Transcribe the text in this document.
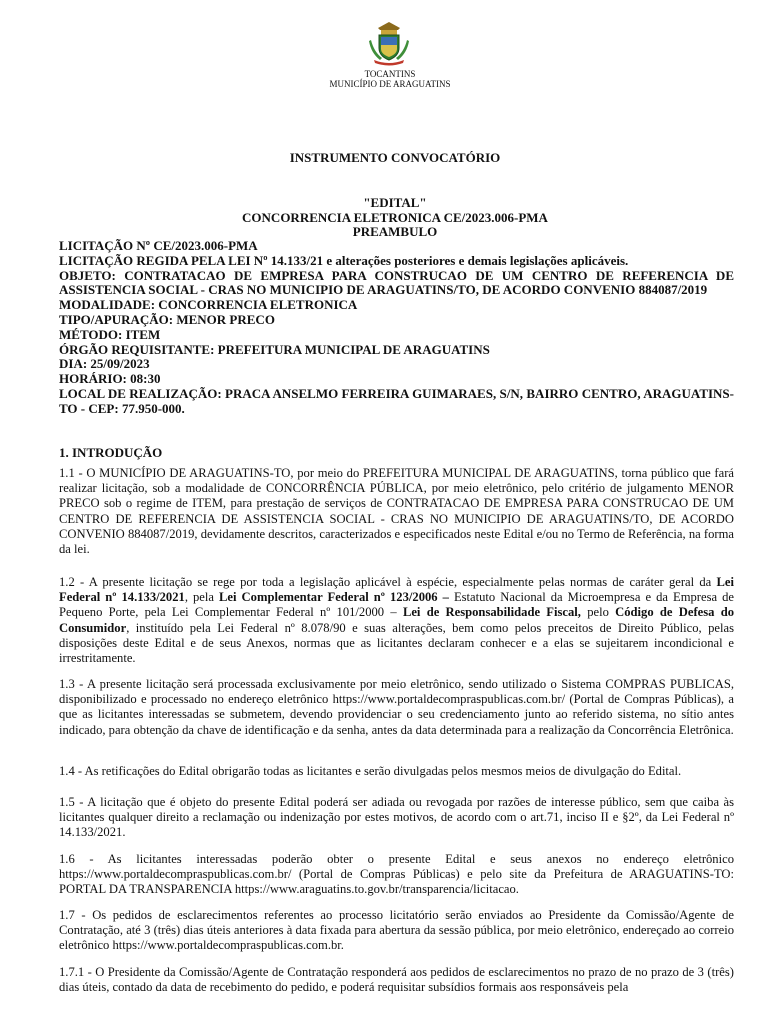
TOCANTINS
MUNICÍPIO DE ARAGUATINS
INSTRUMENTO CONVOCATÓRIO
"EDITAL"
CONCORRENCIA ELETRONICA CE/2023.006-PMA
PREAMBULO
LICITAÇÃO Nº CE/2023.006-PMA
LICITAÇÃO REGIDA PELA LEI Nº 14.133/21 e alterações posteriores e demais legislações aplicáveis.
OBJETO: CONTRATACAO DE EMPRESA PARA CONSTRUCAO DE UM CENTRO DE REFERENCIA DE ASSISTENCIA SOCIAL - CRAS NO MUNICIPIO DE ARAGUATINS/TO, DE ACORDO CONVENIO 884087/2019
MODALIDADE: CONCORRENCIA ELETRONICA
TIPO/APURAÇÃO: MENOR PRECO
MÉTODO: ITEM
ÓRGÃO REQUISITANTE: PREFEITURA MUNICIPAL DE ARAGUATINS
DIA: 25/09/2023
HORÁRIO: 08:30
LOCAL DE REALIZAÇÃO: PRACA ANSELMO FERREIRA GUIMARAES, S/N, BAIRRO CENTRO, ARAGUATINS-TO - CEP: 77.950-000.
1. INTRODUÇÃO
1.1 - O MUNICÍPIO DE ARAGUATINS-TO, por meio do PREFEITURA MUNICIPAL DE ARAGUATINS, torna público que fará realizar licitação, sob a modalidade de CONCORRÊNCIA PÚBLICA, por meio eletrônico, pelo critério de julgamento MENOR PRECO sob o regime de ITEM, para prestação de serviços de CONTRATACAO DE EMPRESA PARA CONSTRUCAO DE UM CENTRO DE REFERENCIA DE ASSISTENCIA SOCIAL - CRAS NO MUNICIPIO DE ARAGUATINS/TO, DE ACORDO CONVENIO 884087/2019, devidamente descritos, caracterizados e especificados neste Edital e/ou no Termo de Referência, na forma da lei.
1.2 - A presente licitação se rege por toda a legislação aplicável à espécie, especialmente pelas normas de caráter geral da Lei Federal nº 14.133/2021, pela Lei Complementar Federal nº 123/2006 – Estatuto Nacional da Microempresa e da Empresa de Pequeno Porte, pela Lei Complementar Federal nº 101/2000 – Lei de Responsabilidade Fiscal, pelo Código de Defesa do Consumidor, instituído pela Lei Federal nº 8.078/90 e suas alterações, bem como pelos preceitos de Direito Público, pelas disposições deste Edital e de seus Anexos, normas que as licitantes declaram conhecer e a elas se sujeitarem incondicional e irrestritamente.
1.3 - A presente licitação será processada exclusivamente por meio eletrônico, sendo utilizado o Sistema COMPRAS PUBLICAS, disponibilizado e processado no endereço eletrônico https://www.portaldecompraspublicas.com.br/ (Portal de Compras Públicas), a que as licitantes interessadas se submetem, devendo providenciar o seu credenciamento junto ao referido sistema, no sítio antes indicado, para obtenção da chave de identificação e da senha, antes da data determinada para a realização da Concorrência Eletrônica.
1.4 - As retificações do Edital obrigarão todas as licitantes e serão divulgadas pelos mesmos meios de divulgação do Edital.
1.5 - A licitação que é objeto do presente Edital poderá ser adiada ou revogada por razões de interesse público, sem que caiba às licitantes qualquer direito a reclamação ou indenização por estes motivos, de acordo com o art.71, inciso II e §2º, da Lei Federal nº 14.133/2021.
1.6 - As licitantes interessadas poderão obter o presente Edital e seus anexos no endereço eletrônico https://www.portaldecompraspublicas.com.br/ (Portal de Compras Públicas) e pelo site da Prefeitura de ARAGUATINS-TO: PORTAL DA TRANSPARENCIA https://www.araguatins.to.gov.br/transparencia/licitacao.
1.7 - Os pedidos de esclarecimentos referentes ao processo licitatório serão enviados ao Presidente da Comissão/Agente de Contratação, até 3 (três) dias úteis anteriores à data fixada para abertura da sessão pública, por meio eletrônico, endereçado ao correio eletrônico https://www.portaldecompraspublicas.com.br.
1.7.1 - O Presidente da Comissão/Agente de Contratação responderá aos pedidos de esclarecimentos no prazo de no prazo de 3 (três) dias úteis, contado da data de recebimento do pedido, e poderá requisitar subsídios formais aos responsáveis pela
